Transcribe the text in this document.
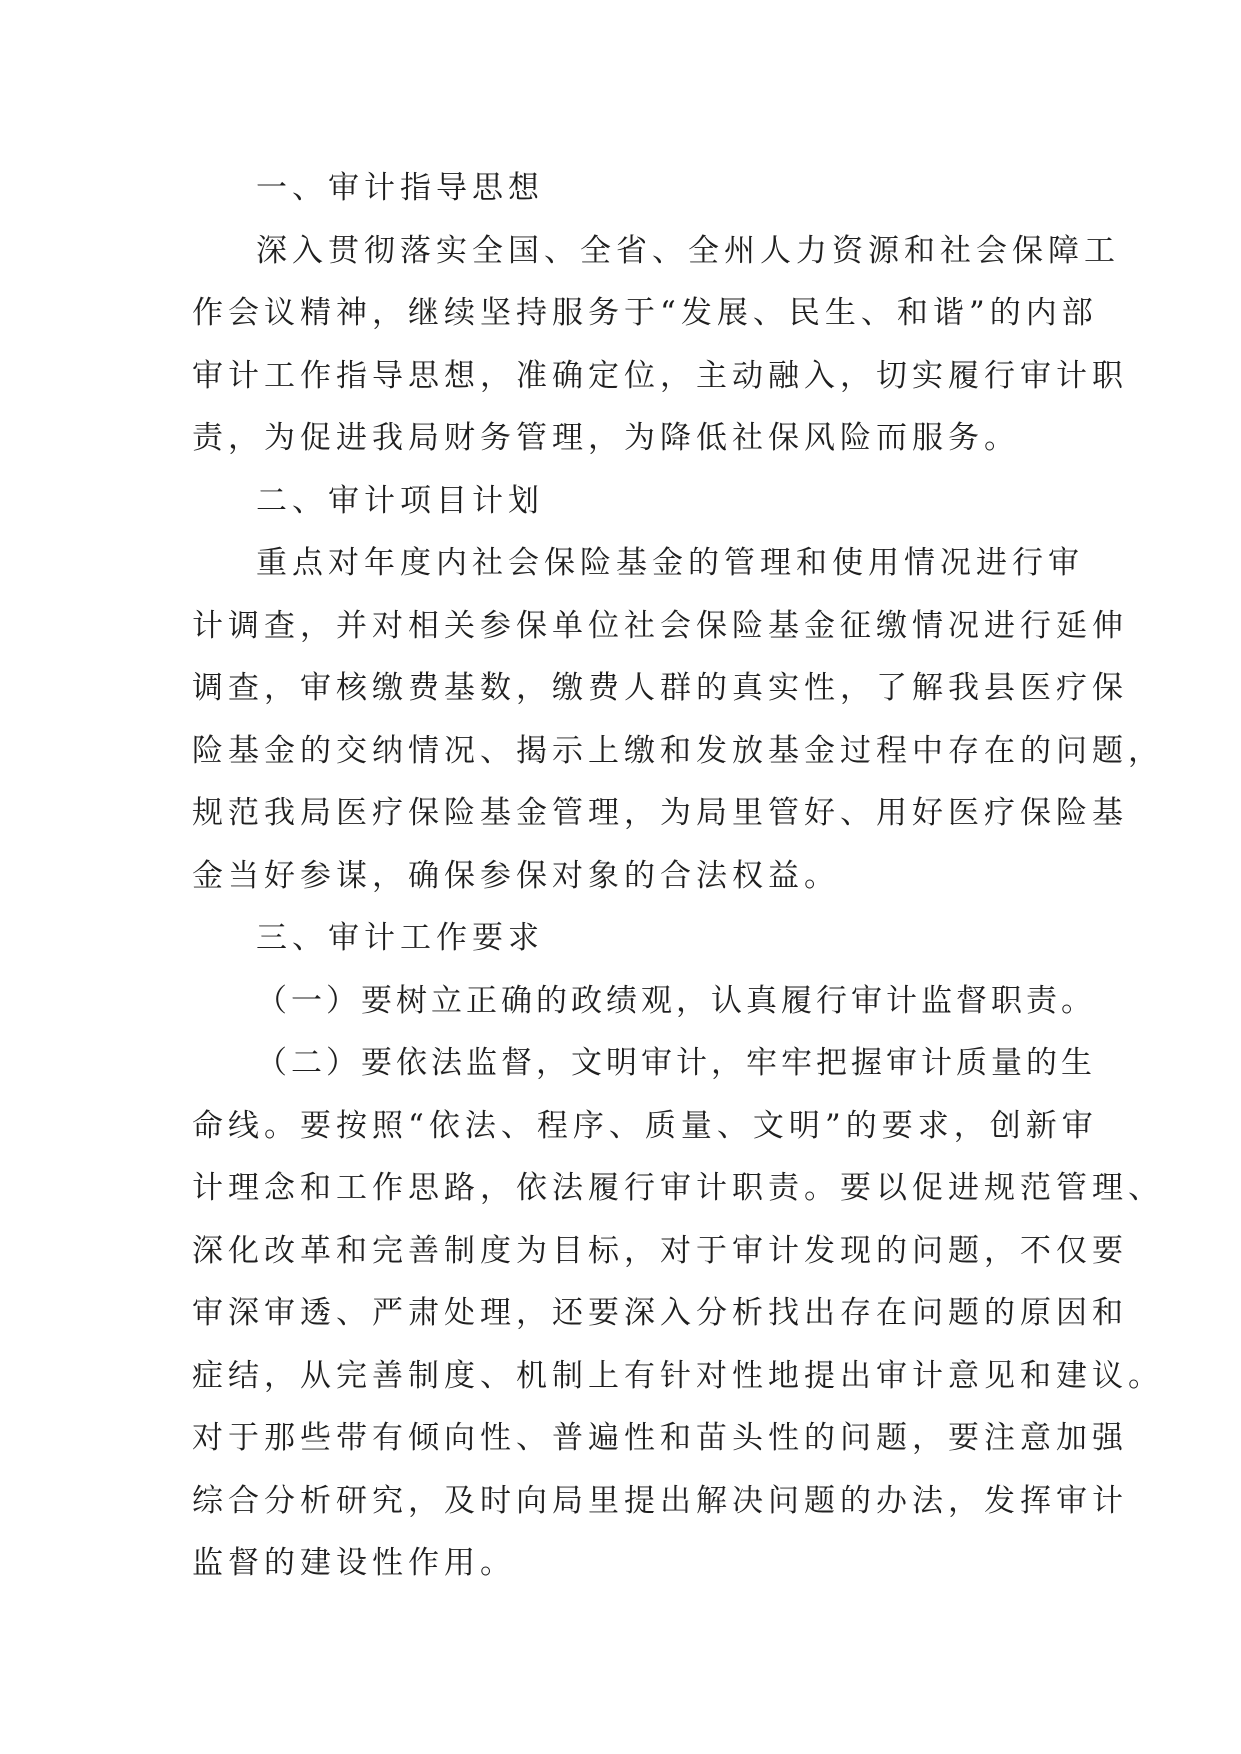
一、审计指导思想
深入贯彻落实全国、全省、全州人力资源和社会保障工
作会议精神，继续坚持服务于“发展、民生、和谐”的内部
审计工作指导思想，准确定位，主动融入，切实履行审计职
责，为促进我局财务管理，为降低社保风险而服务。
二、审计项目计划
重点对年度内社会保险基金的管理和使用情况进行审
计调查，并对相关参保单位社会保险基金征缴情况进行延伸
调查，审核缴费基数，缴费人群的真实性，了解我县医疗保
险基金的交纳情况、揭示上缴和发放基金过程中存在的问题，
规范我局医疗保险基金管理，为局里管好、用好医疗保险基
金当好参谋，确保参保对象的合法权益。
三、审计工作要求
（一）要树立正确的政绩观，认真履行审计监督职责。
（二）要依法监督，文明审计，牢牢把握审计质量的生
命线。要按照“依法、程序、质量、文明”的要求，创新审
计理念和工作思路，依法履行审计职责。要以促进规范管理、
深化改革和完善制度为目标，对于审计发现的问题，不仅要
审深审透、严肃处理，还要深入分析找出存在问题的原因和
症结，从完善制度、机制上有针对性地提出审计意见和建议。
对于那些带有倾向性、普遍性和苗头性的问题，要注意加强
综合分析研究，及时向局里提出解决问题的办法，发挥审计
监督的建设性作用。
